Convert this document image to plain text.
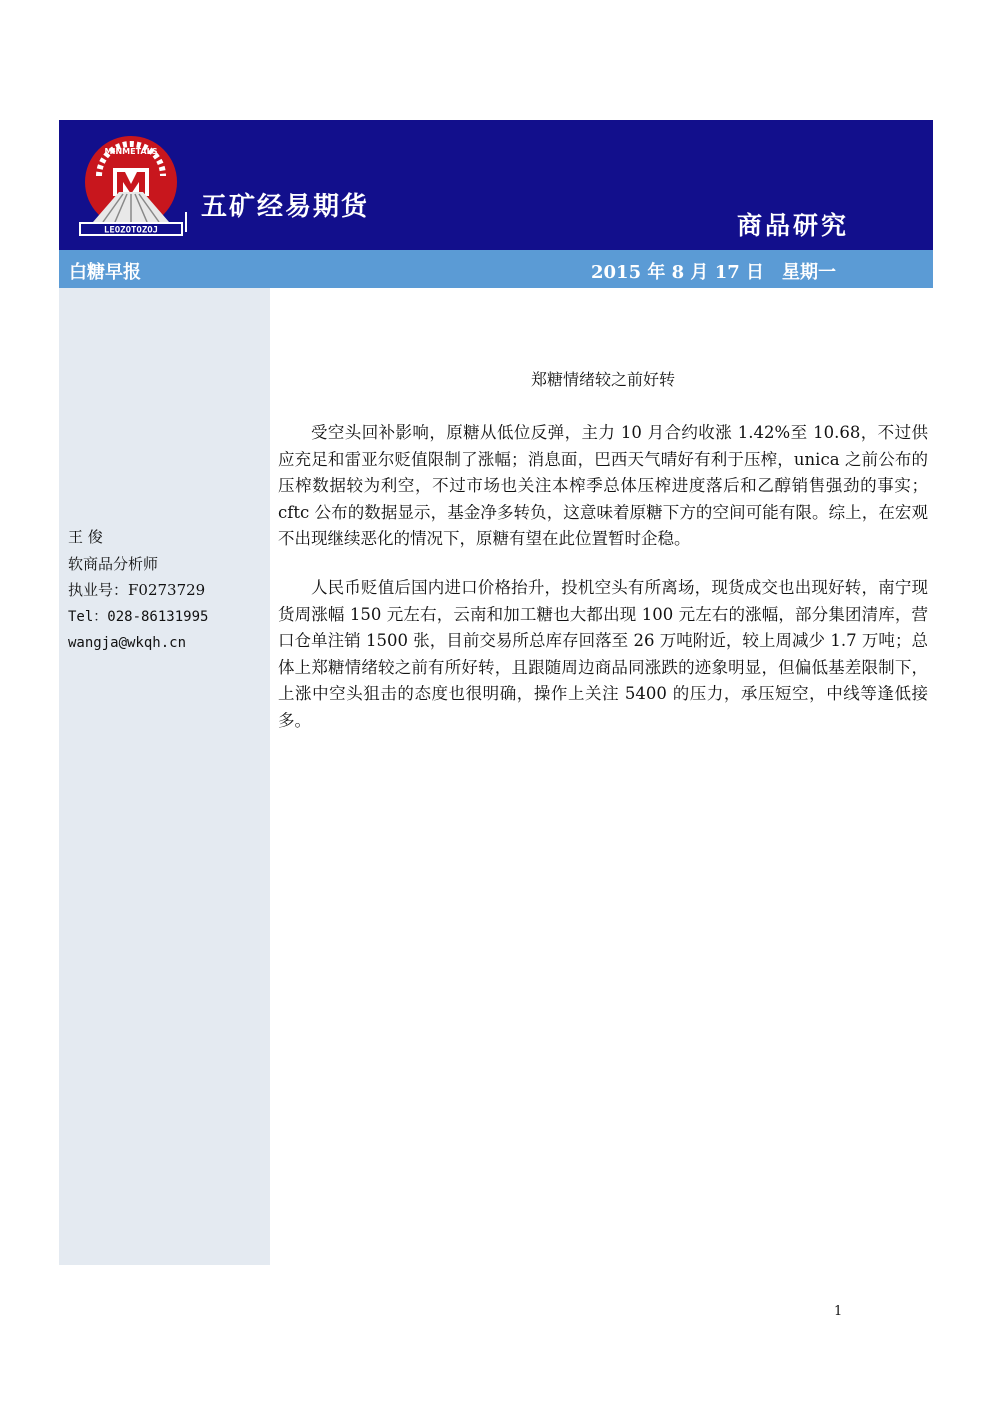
LEOZOTOZOJ
MINMETALS
五矿经易期货
商品研究
白糖早报	2015 年 8 月 17 日　星期一
王 俊
软商品分析师
执业号：F0273729
Tel：028-86131995
wangja@wkqh.cn
郑糖情绪较之前好转

受空头回补影响，原糖从低位反弹，主力 10 月合约收涨 1.42%至 10.68，不过供应充足和雷亚尔贬值限制了涨幅；消息面，巴西天气晴好有利于压榨，unica 之前公布的压榨数据较为利空，不过市场也关注本榨季总体压榨进度落后和乙醇销售强劲的事实；cftc 公布的数据显示，基金净多转负，这意味着原糖下方的空间可能有限。综上，在宏观不出现继续恶化的情况下，原糖有望在此位置暂时企稳。

人民币贬值后国内进口价格抬升，投机空头有所离场，现货成交也出现好转，南宁现货周涨幅 150 元左右，云南和加工糖也大都出现 100 元左右的涨幅，部分集团清库，营口仓单注销 1500 张，目前交易所总库存回落至 26 万吨附近，较上周减少 1.7 万吨；总体上郑糖情绪较之前有所好转，且跟随周边商品同涨跌的迹象明显，但偏低基差限制下，上涨中空头狙击的态度也很明确，操作上关注 5400 的压力，承压短空，中线等逢低接多。

1
